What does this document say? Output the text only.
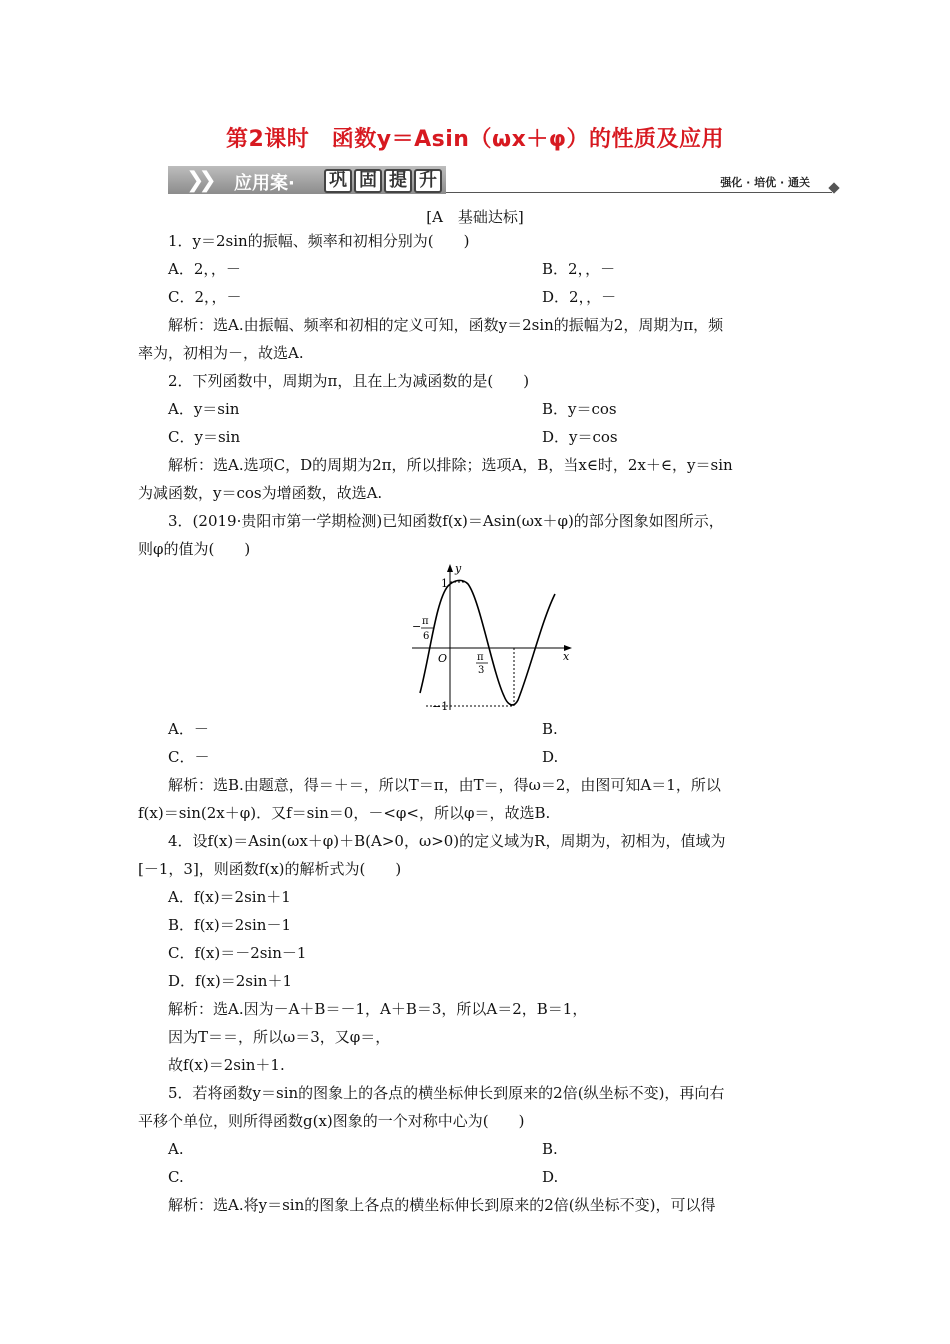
第2课时　函数y＝Asin（ωx＋φ）的性质及应用
❯❯ 应用案· 巩 固 提 升	强化 · 培优 · 通关
[A　基础达标]
1．y＝2sin的振幅、频率和初相分别为(　　)
A．2，，－	B．2，，－
C．2，，－	D．2，，－
解析：选A.由振幅、频率和初相的定义可知，函数y＝2sin的振幅为2，周期为π，频
率为，初相为－，故选A.
2．下列函数中，周期为π，且在上为减函数的是(　　)
A．y＝sin	B．y＝cos
C．y＝sin	D．y＝cos
解析：选A.选项C，D的周期为2π，所以排除；选项A，B，当x∈时，2x＋∈，y＝sin
为减函数，y＝cos为增函数，故选A.
3．(2019·贵阳市第一学期检测)已知函数f(x)＝Asin(ωx＋φ)的部分图象如图所示，
则φ的值为(　　)
y
x
O
1
−1
− π
6
π
3
A．－	B.
C．－	D.
解析：选B.由题意，得＝＋＝，所以T＝π，由T＝，得ω＝2，由图可知A＝1，所以
f(x)＝sin(2x＋φ)．又f＝sin＝0，－<φ<，所以φ＝，故选B.
4．设f(x)＝Asin(ωx＋φ)＋B(A>0，ω>0)的定义域为R，周期为，初相为，值域为
[－1，3]，则函数f(x)的解析式为(　　)
A．f(x)＝2sin＋1
B．f(x)＝2sin－1
C．f(x)＝－2sin－1
D．f(x)＝2sin＋1
解析：选A.因为－A＋B＝－1，A＋B＝3，所以A＝2，B＝1，
因为T＝＝，所以ω＝3，又φ＝，
故f(x)＝2sin＋1.
5．若将函数y＝sin的图象上的各点的横坐标伸长到原来的2倍(纵坐标不变)，再向右
平移个单位，则所得函数g(x)图象的一个对称中心为(　　)
A.	B.
C.	D.
解析：选A.将y＝sin的图象上各点的横坐标伸长到原来的2倍(纵坐标不变)，可以得
